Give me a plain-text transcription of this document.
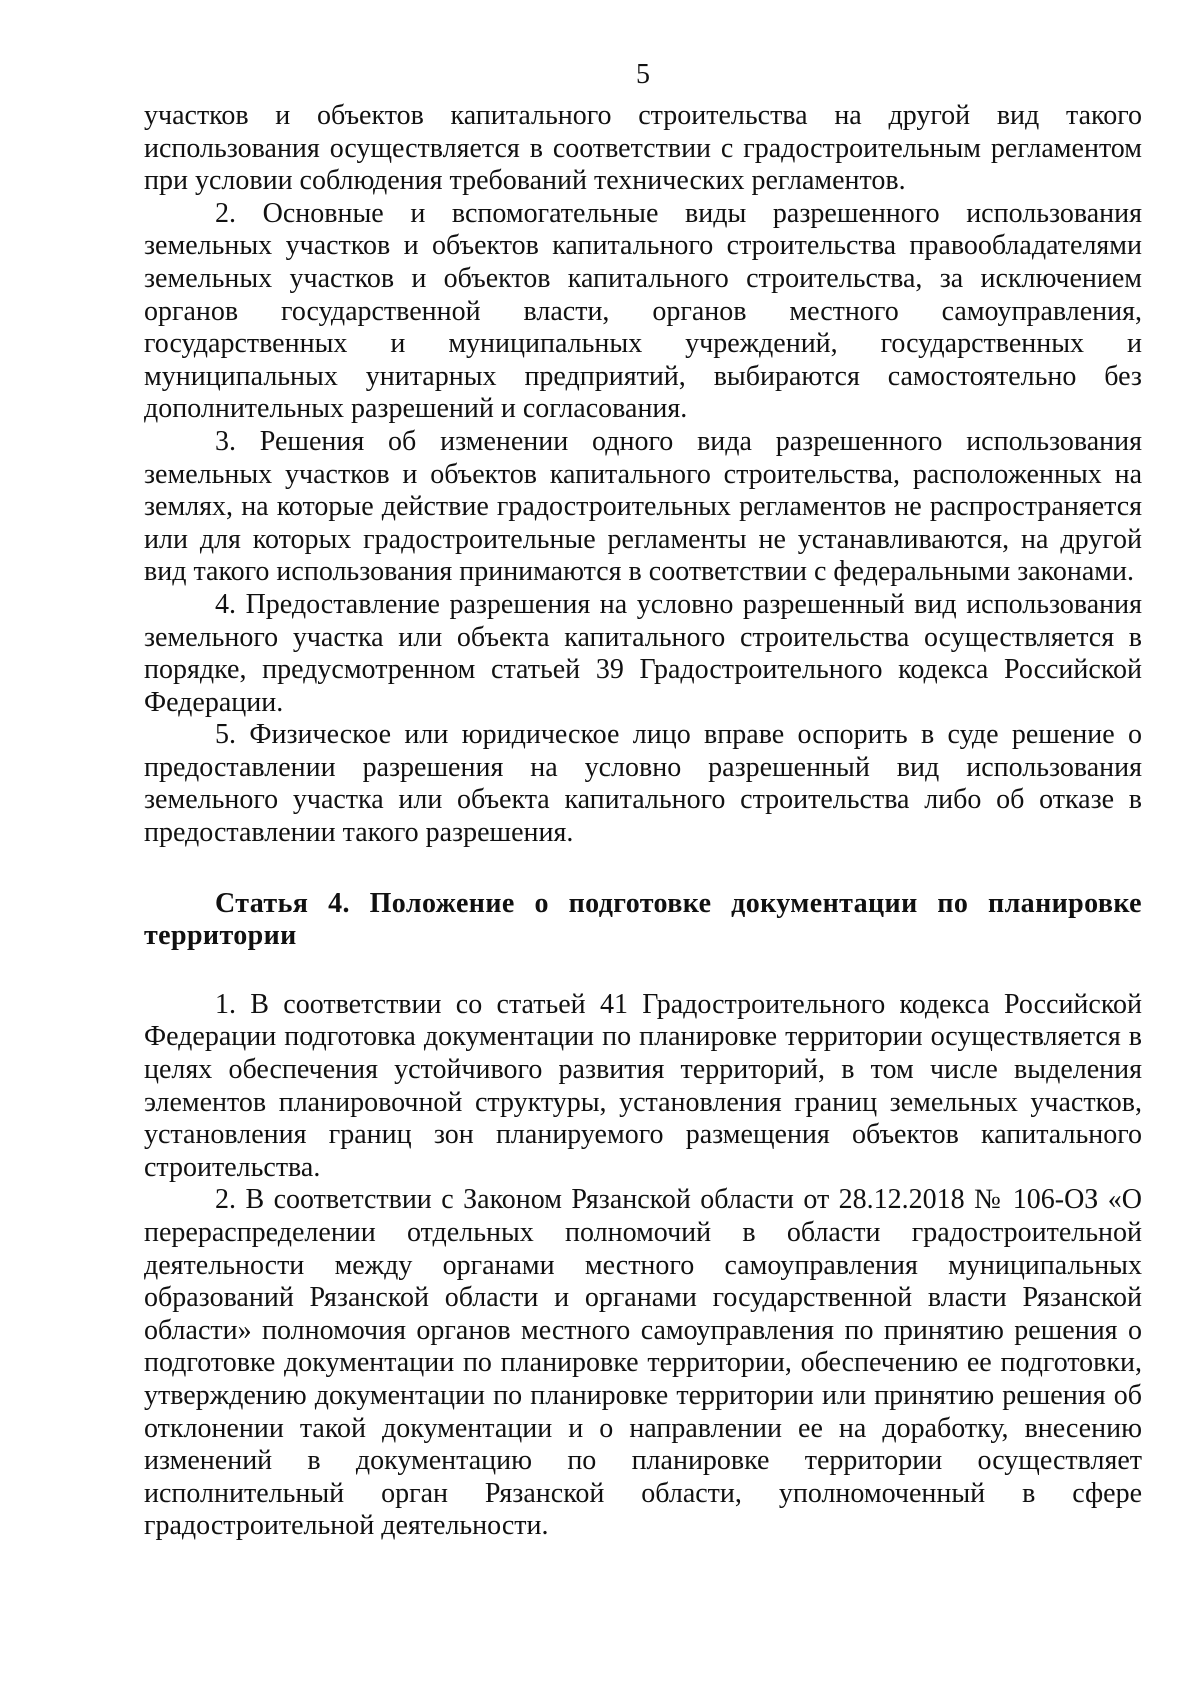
5

участков и объектов капитального строительства на другой вид такого использования осуществляется в соответствии с градостроительным регламентом при условии соблюдения требований технических регламентов.

2. Основные и вспомогательные виды разрешенного использования земельных участков и объектов капитального строительства правообладателями земельных участков и объектов капитального строительства, за исключением органов государственной власти, органов местного самоуправления, государственных и муниципальных учреждений, государственных и муниципальных унитарных предприятий, выбираются самостоятельно без дополнительных разрешений и согласования.

3. Решения об изменении одного вида разрешенного использования земельных участков и объектов капитального строительства, расположенных на землях, на которые действие градостроительных регламентов не распространяется или для которых градостроительные регламенты не устанавливаются, на другой вид такого использования принимаются в соответствии с федеральными законами.

4. Предоставление разрешения на условно разрешенный вид использования земельного участка или объекта капитального строительства осуществляется в порядке, предусмотренном статьей 39 Градостроительного кодекса Российской Федерации.

5. Физическое или юридическое лицо вправе оспорить в суде решение о предоставлении разрешения на условно разрешенный вид использования земельного участка или объекта капитального строительства либо об отказе в предоставлении такого разрешения.

Статья 4. Положение о подготовке документации по планировке территории

1. В соответствии со статьей 41 Градостроительного кодекса Российской Федерации подготовка документации по планировке территории осуществляется в целях обеспечения устойчивого развития территорий, в том числе выделения элементов планировочной структуры, установления границ земельных участков, установления границ зон планируемого размещения объектов капитального строительства.

2. В соответствии с Законом Рязанской области от 28.12.2018 № 106-ОЗ «О перераспределении отдельных полномочий в области градостроительной деятельности между органами местного самоуправления муниципальных образований Рязанской области и органами государственной власти Рязанской области» полномочия органов местного самоуправления по принятию решения о подготовке документации по планировке территории, обеспечению ее подготовки, утверждению документации по планировке территории или принятию решения об отклонении такой документации и о направлении ее на доработку, внесению изменений в документацию по планировке территории осуществляет исполнительный орган Рязанской области, уполномоченный в сфере градостроительной деятельности.
